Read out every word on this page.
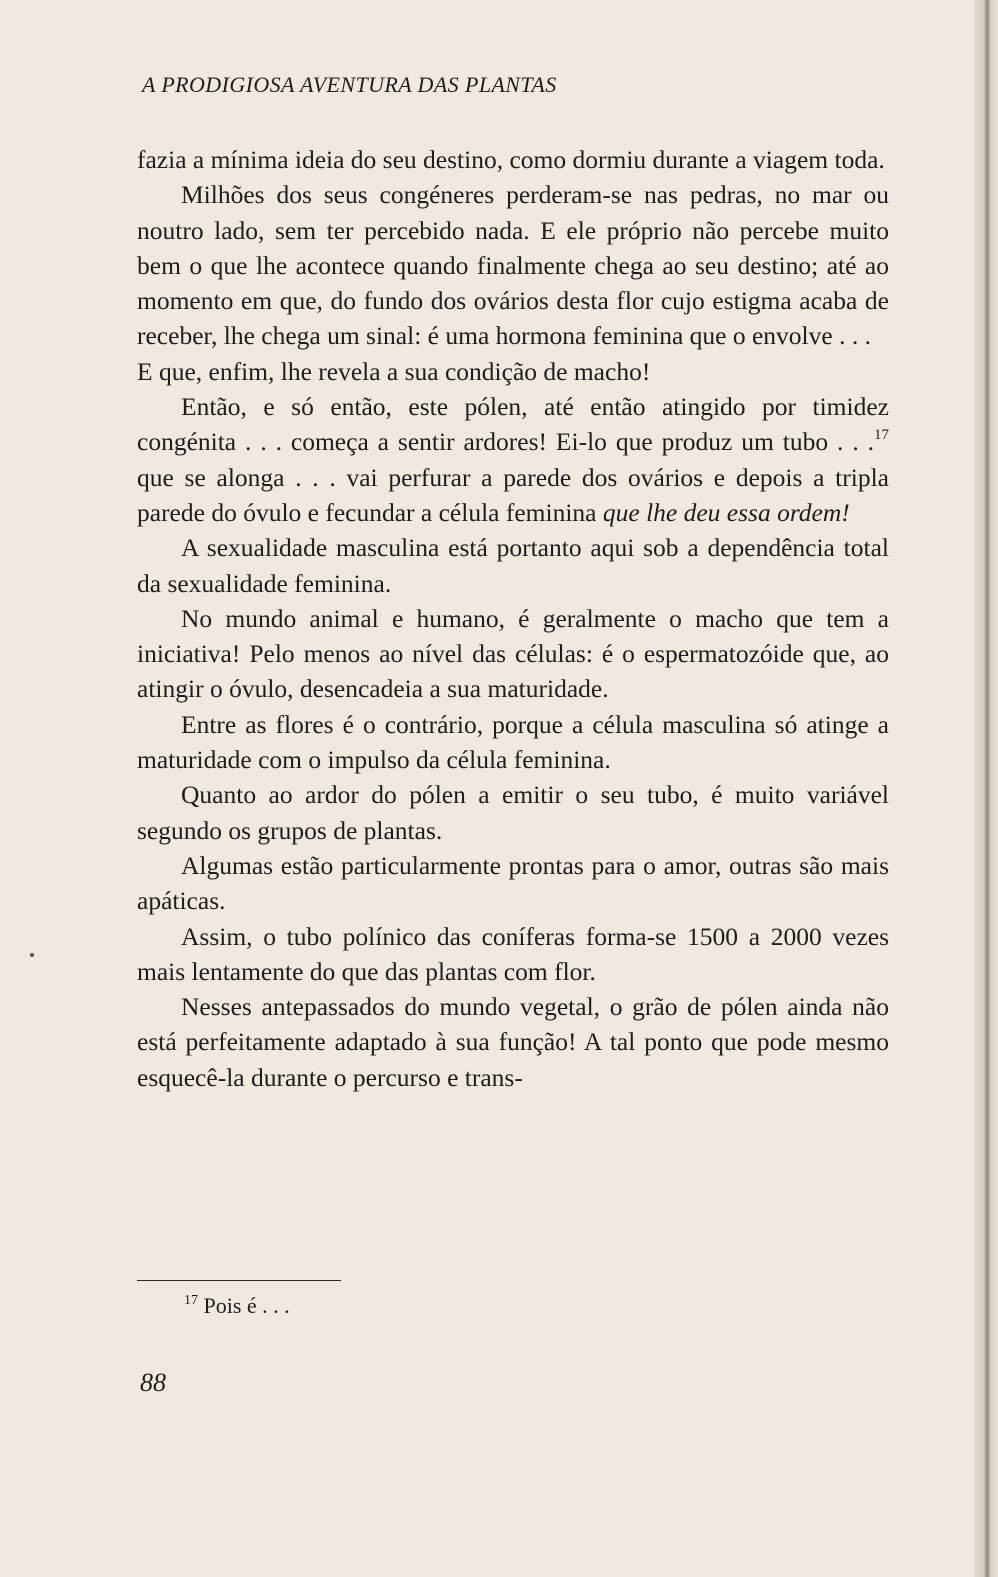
A PRODIGIOSA AVENTURA DAS PLANTAS

fazia a mínima ideia do seu destino, como dormiu durante a viagem toda.

Milhões dos seus congéneres perderam-se nas pedras, no mar ou noutro lado, sem ter percebido nada. E ele próprio não percebe muito bem o que lhe acontece quando finalmente chega ao seu destino; até ao momento em que, do fundo dos ovários desta flor cujo estigma acaba de receber, lhe chega um sinal: é uma hormona feminina que o envolve . . .

E que, enfim, lhe revela a sua condição de macho!

Então, e só então, este pólen, até então atingido por timidez congénita . . . começa a sentir ardores! Ei-lo que produz um tubo . . .$^{17}$ que se alonga . . . vai perfurar a parede dos ovários e depois a tripla parede do óvulo e fecundar a célula feminina que lhe deu essa ordem!

A sexualidade masculina está portanto aqui sob a dependência total da sexualidade feminina.

No mundo animal e humano, é geralmente o macho que tem a iniciativa! Pelo menos ao nível das células: é o espermatozóide que, ao atingir o óvulo, desencadeia a sua maturidade.

Entre as flores é o contrário, porque a célula masculina só atinge a maturidade com o impulso da célula feminina.

Quanto ao ardor do pólen a emitir o seu tubo, é muito variável segundo os grupos de plantas.

Algumas estão particularmente prontas para o amor, outras são mais apáticas.

Assim, o tubo polínico das coníferas forma-se 1500 a 2000 vezes mais lentamente do que das plantas com flor.

Nesses antepassados do mundo vegetal, o grão de pólen ainda não está perfeitamente adaptado à sua função! A tal ponto que pode mesmo esquecê-la durante o percurso e trans-

$^{17}$ Pois é . . .
88
